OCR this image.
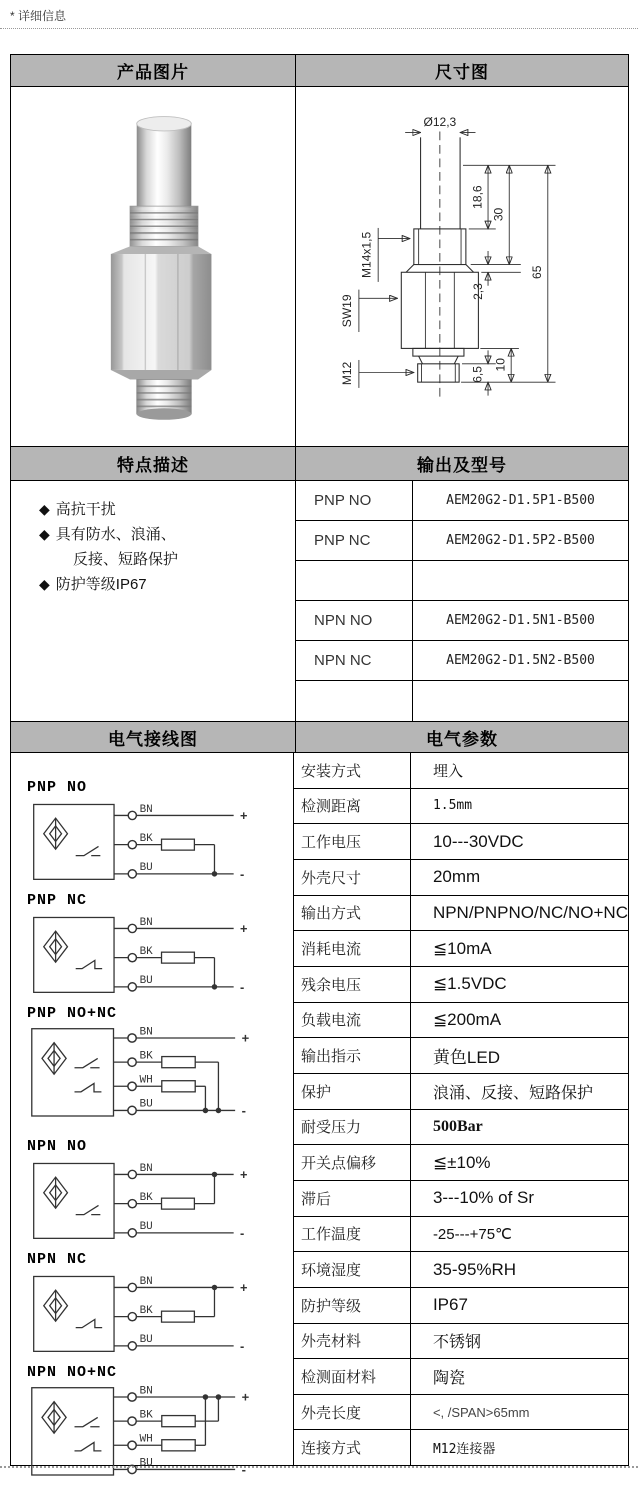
* 详细信息
产品图片	尺寸图
Ø12,3
18,6
30
2,3
65
6,5
10
M14x1,5
SW19
M12
特点描述	输出及型号
◆ 高抗干扰
◆ 具有防水、浪涌、
反接、短路保护
◆ 防护等级IP67
PNP NO	AEM20G2-D1.5P1-B500
PNP NC	AEM20G2-D1.5P2-B500
NPN NO	AEM20G2-D1.5N1-B500
NPN NC	AEM20G2-D1.5N2-B500
电气接线图	电气参数
PNP NO
BN
BK
BU
+
-
PNP NC
BN
BK
BU
+
-
PNP NO+NC
BN
BK
WH
BU
+
-
NPN NO
BN
BK
BU
+
-
NPN NC
BN
BK
BU
+
-
NPN NO+NC
BN
BK
WH
BU
+
-
安装方式	埋入
检测距离	1.5mm
工作电压	10---30VDC
外壳尺寸	20mm
输出方式	NPN/PNPNO/NC/NO+NC
消耗电流	≦10mA
残余电压	≦1.5VDC
负载电流	≦200mA
输出指示	黄色LED
保护	浪涌、反接、短路保护
耐受压力	500Bar
开关点偏移	≦±10%
滞后	3---10% of Sr
工作温度	-25---+75℃
环境湿度	35-95%RH
防护等级	IP67
外壳材料	不锈钢
检测面材料	陶瓷
外壳长度	<, /SPAN>65mm
连接方式	M12连接器
